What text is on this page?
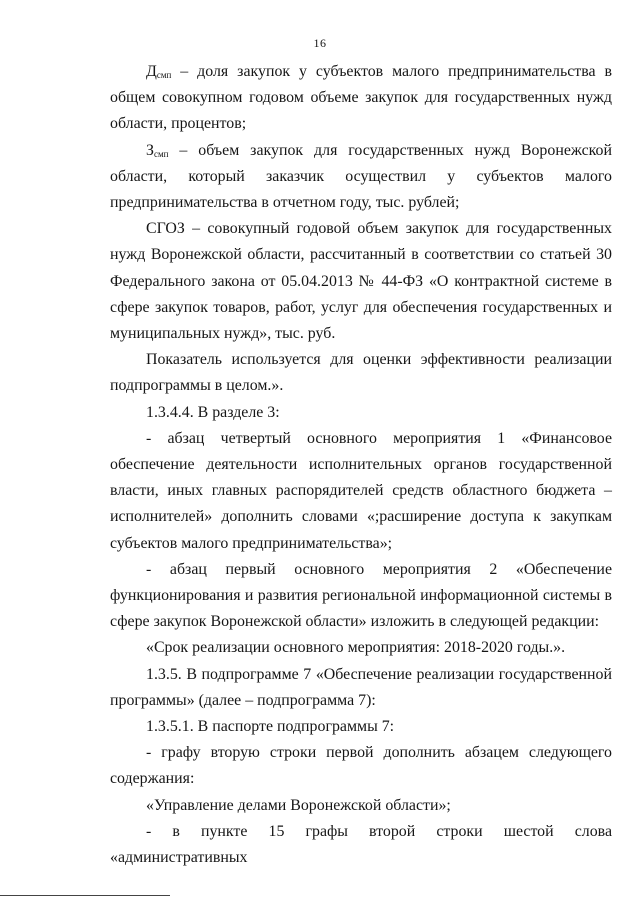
16

$Д_{смп}$ – доля закупок у субъектов малого предпринимательства в общем совокупном годовом объеме закупок для государственных нужд области, процентов;

$З_{смп}$ – объем закупок для государственных нужд Воронежской области, который заказчик осуществил у субъектов малого предпринимательства в отчетном году, тыс. рублей;

СГОЗ – совокупный годовой объем закупок для государственных нужд Воронежской области, рассчитанный в соответствии со статьей 30 Федерального закона от 05.04.2013 № 44-ФЗ «О контрактной системе в сфере закупок товаров, работ, услуг для обеспечения государственных и муниципальных нужд», тыс. руб.

Показатель используется для оценки эффективности реализации подпрограммы в целом.».

1.3.4.4. В разделе 3:

- абзац четвертый основного мероприятия 1 «Финансовое обеспечение деятельности исполнительных органов государственной власти, иных главных распорядителей средств областного бюджета – исполнителей» дополнить словами «;расширение доступа к закупкам субъектов малого предпринимательства»;

- абзац первый основного мероприятия 2 «Обеспечение функционирования и развития региональной информационной системы в сфере закупок Воронежской области» изложить в следующей редакции:

«Срок реализации основного мероприятия: 2018-2020 годы.».

1.3.5. В подпрограмме 7 «Обеспечение реализации государственной программы» (далее – подпрограмма 7):

1.3.5.1. В паспорте подпрограммы 7:

- графу вторую строки первой дополнить абзацем следующего содержания:

«Управление делами Воронежской области»;

- в пункте 15 графы второй строки шестой слова «административных
